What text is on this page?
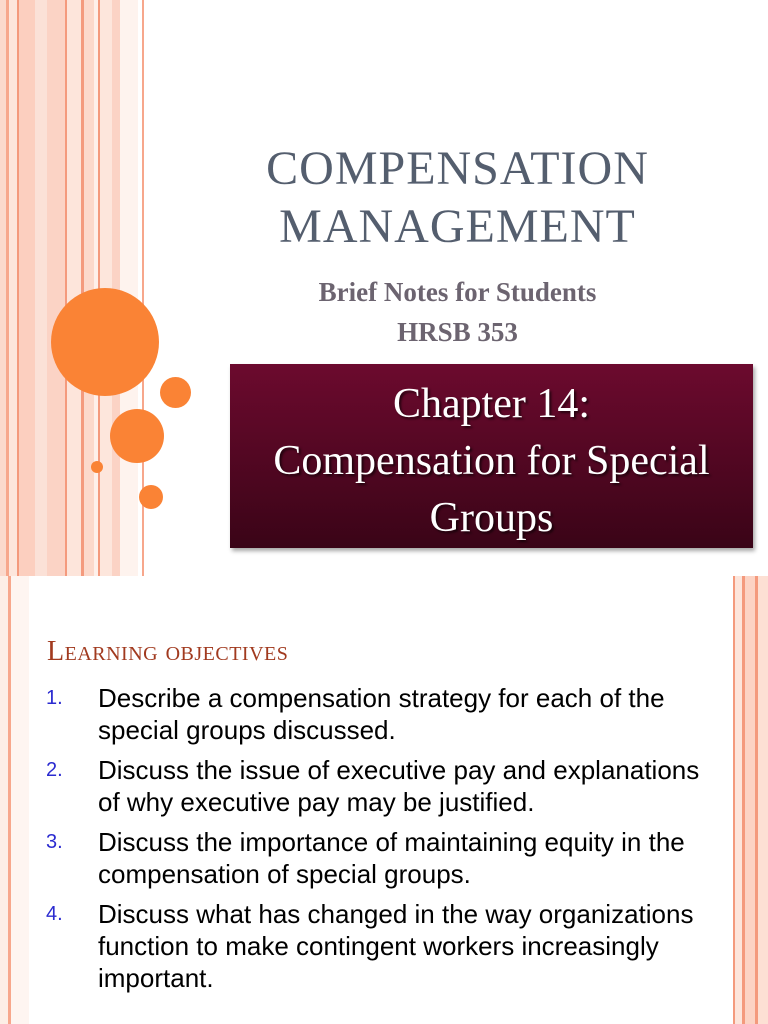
COMPENSATION
MANAGEMENT
Brief Notes for Students
HRSB 353
Chapter 14:
Compensation for Special
Groups
Learning objectives
1.	Describe a compensation strategy for each of the special groups discussed.
2.	Discuss the issue of executive pay and explanations of why executive pay may be justified.
3.	Discuss the importance of maintaining equity in the compensation of special groups.
4.	Discuss what has changed in the way organizations function to make contingent workers increasingly important.
